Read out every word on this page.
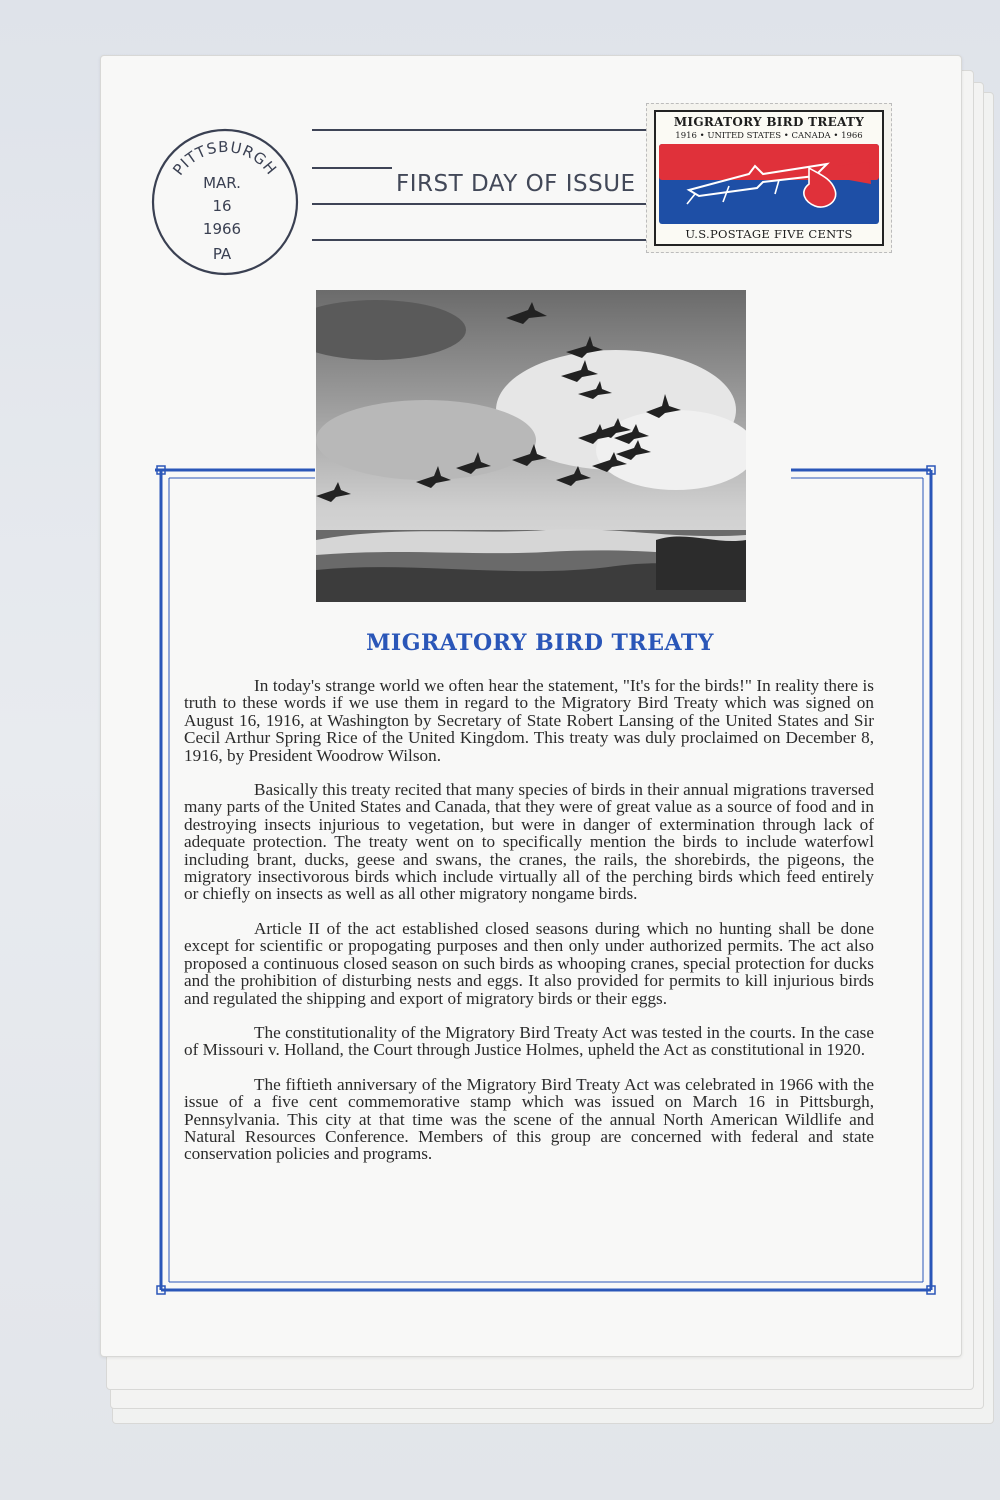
PITTSBURGH
MAR.
16
1966
PA
FIRST DAY OF ISSUE
MIGRATORY BIRD TREATY
1916 • UNITED STATES • CANADA • 1966
U.S.POSTAGE FIVE CENTS
MIGRATORY BIRD TREATY

In today's strange world we often hear the statement, "It's for the birds!" In reality there is truth to these words if we use them in regard to the Migratory Bird Treaty which was signed on August 16, 1916, at Washington by Secretary of State Robert Lansing of the United States and Sir Cecil Arthur Spring Rice of the United Kingdom. This treaty was duly proclaimed on December 8, 1916, by President Woodrow Wilson.

Basically this treaty recited that many species of birds in their annual migrations traversed many parts of the United States and Canada, that they were of great value as a source of food and in destroying insects injurious to vegetation, but were in danger of extermination through lack of adequate protection. The treaty went on to specifically mention the birds to include waterfowl including brant, ducks, geese and swans, the cranes, the rails, the shorebirds, the pigeons, the migratory insectivorous birds which include virtually all of the perching birds which feed entirely or chiefly on insects as well as all other migratory nongame birds.

Article II of the act established closed seasons during which no hunting shall be done except for scientific or propogating purposes and then only under authorized permits. The act also proposed a continuous closed season on such birds as whooping cranes, special protection for ducks and the prohibition of disturbing nests and eggs. It also provided for permits to kill injurious birds and regulated the shipping and export of migratory birds or their eggs.

The constitutionality of the Migratory Bird Treaty Act was tested in the courts. In the case of Missouri v. Holland, the Court through Justice Holmes, upheld the Act as constitutional in 1920.

The fiftieth anniversary of the Migratory Bird Treaty Act was celebrated in 1966 with the issue of a five cent commemorative stamp which was issued on March 16 in Pittsburgh, Pennsylvania. This city at that time was the scene of the annual North American Wildlife and Natural Resources Conference. Members of this group are concerned with federal and state conservation policies and programs.
